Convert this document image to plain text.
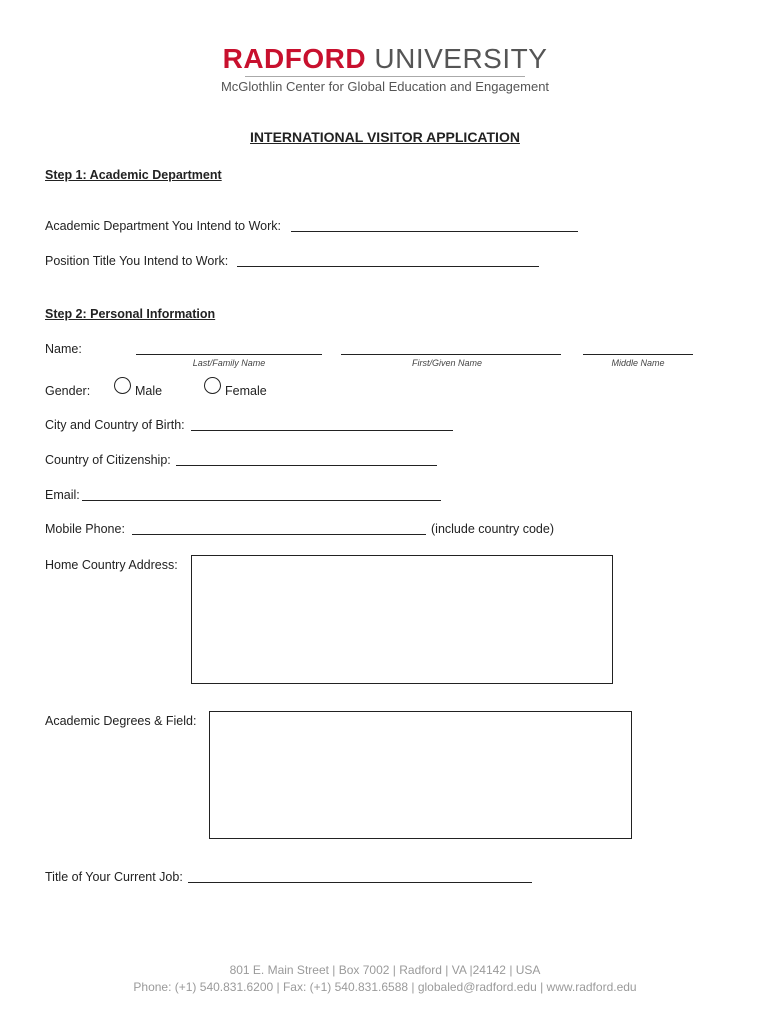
RADFORD UNIVERSITY
McGlothlin Center for Global Education and Engagement
INTERNATIONAL VISITOR APPLICATION
Step 1: Academic Department
Academic Department You Intend to Work:
Position Title You Intend to Work:
Step 2: Personal Information
Name:
Last/Family Name	First/Given Name	Middle Name
Gender:	Male	Female
City and Country of Birth:
Country of Citizenship:
Email:
Mobile Phone:	(include country code)
Home Country Address:
Academic Degrees & Field:
Title of Your Current Job:
801 E. Main Street | Box 7002 | Radford | VA |24142 | USA
Phone: (+1) 540.831.6200 | Fax: (+1) 540.831.6588 | globaled@radford.edu | www.radford.edu
